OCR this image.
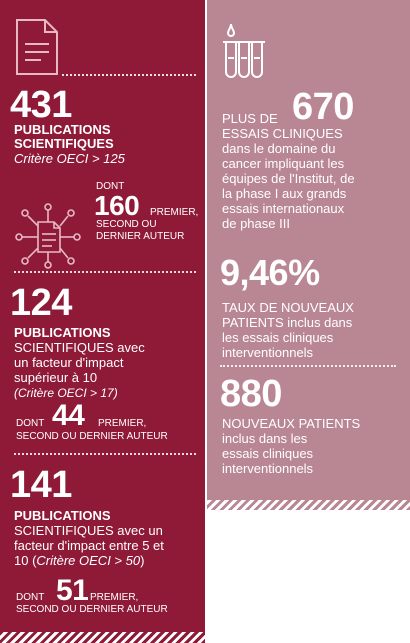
431
PUBLICATIONS
SCIENTIFIQUES
Critère OECI > 125
DONT
160 PREMIER,
SECOND OU
DERNIER AUTEUR
124
PUBLICATIONS
SCIENTIFIQUES avec
un facteur d'impact
supérieur à 10
(Critère OECI > 17)
DONT 44 PREMIER,
SECOND OU DERNIER AUTEUR
141
PUBLICATIONS
SCIENTIFIQUES avec un
facteur d'impact entre 5 et
10 (Critère OECI > 50)
DONT 51 PREMIER,
SECOND OU DERNIER AUTEUR
PLUS DE 670
ESSAIS CLINIQUES
dans le domaine du
cancer impliquant les
équipes de l'Institut, de
la phase I aux grands
essais internationaux
de phase III
9,46%
TAUX DE NOUVEAUX
PATIENTS inclus dans
les essais cliniques
interventionnels
880
NOUVEAUX PATIENTS
inclus dans les
essais cliniques
interventionnels
